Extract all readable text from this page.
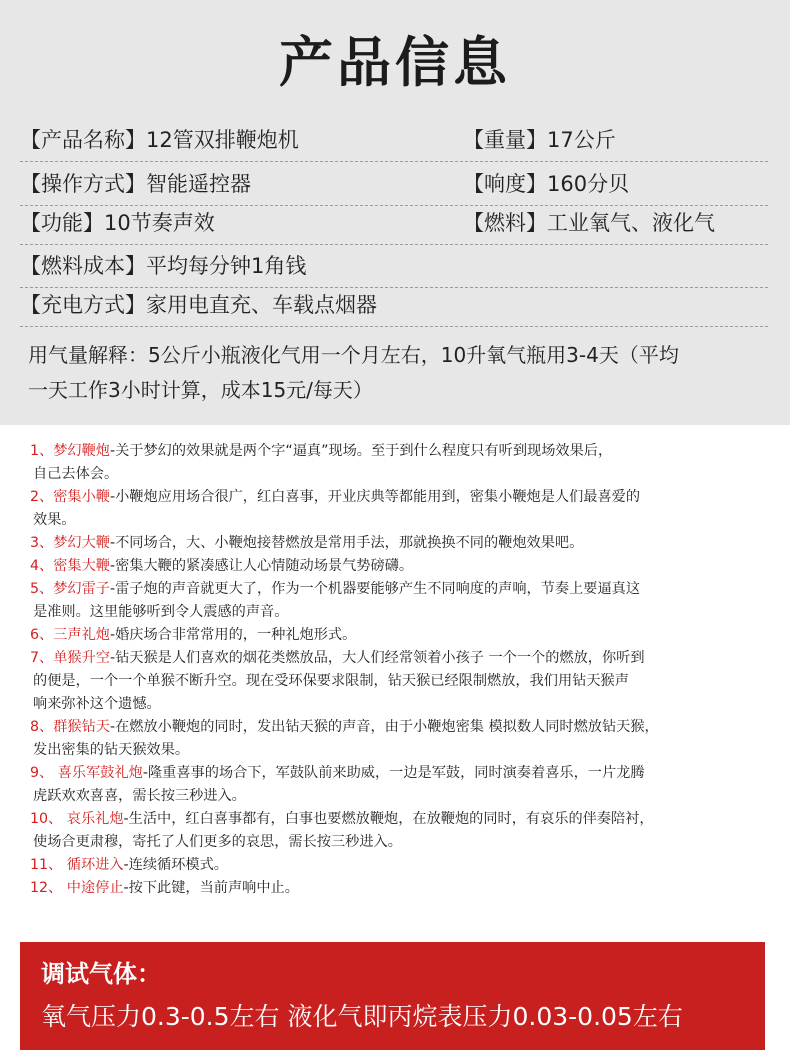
产品信息
【产品名称】12管双排鞭炮机	【重量】17公斤
【操作方式】智能遥控器	【响度】160分贝
【功能】10节奏声效	【燃料】工业氧气、液化气
【燃料成本】平均每分钟1角钱
【充电方式】家用电直充、车载点烟器
用气量解释：5公斤小瓶液化气用一个月左右，10升氧气瓶用3-4天（平均
一天工作3小时计算，成本15元/每天）
1、梦幻鞭炮-关于梦幻的效果就是两个字“逼真”现场。至于到什么程度只有听到现场效果后，
自己去体会。
2、密集小鞭-小鞭炮应用场合很广，红白喜事，开业庆典等都能用到，密集小鞭炮是人们最喜爱的
效果。
3、梦幻大鞭-不同场合，大、小鞭炮接替燃放是常用手法，那就换换不同的鞭炮效果吧。
4、密集大鞭-密集大鞭的紧凑感让人心情随动场景气势磅礴。
5、梦幻雷子-雷子炮的声音就更大了，作为一个机器要能够产生不同响度的声响，节奏上要逼真这
是准则。这里能够听到令人震感的声音。
6、三声礼炮-婚庆场合非常常用的，一种礼炮形式。
7、单猴升空-钻天猴是人们喜欢的烟花类燃放品，大人们经常领着小孩子 一个一个的燃放，你听到
的便是，一个一个单猴不断升空。现在受环保要求限制，钻天猴已经限制燃放，我们用钻天猴声
响来弥补这个遗憾。
8、群猴钻天-在燃放小鞭炮的同时，发出钻天猴的声音，由于小鞭炮密集 模拟数人同时燃放钻天猴，
发出密集的钻天猴效果。
9、 喜乐军鼓礼炮-隆重喜事的场合下，军鼓队前来助威，一边是军鼓，同时演奏着喜乐，一片龙腾
虎跃欢欢喜喜，需长按三秒进入。
10、 哀乐礼炮-生活中，红白喜事都有，白事也要燃放鞭炮，在放鞭炮的同时，有哀乐的伴奏陪衬，
使场合更肃穆，寄托了人们更多的哀思，需长按三秒进入。
11、 循环进入-连续循环模式。
12、 中途停止-按下此键，当前声响中止。
调试气体：
氧气压力0.3-0.5左右 液化气即丙烷表压力0.03-0.05左右
